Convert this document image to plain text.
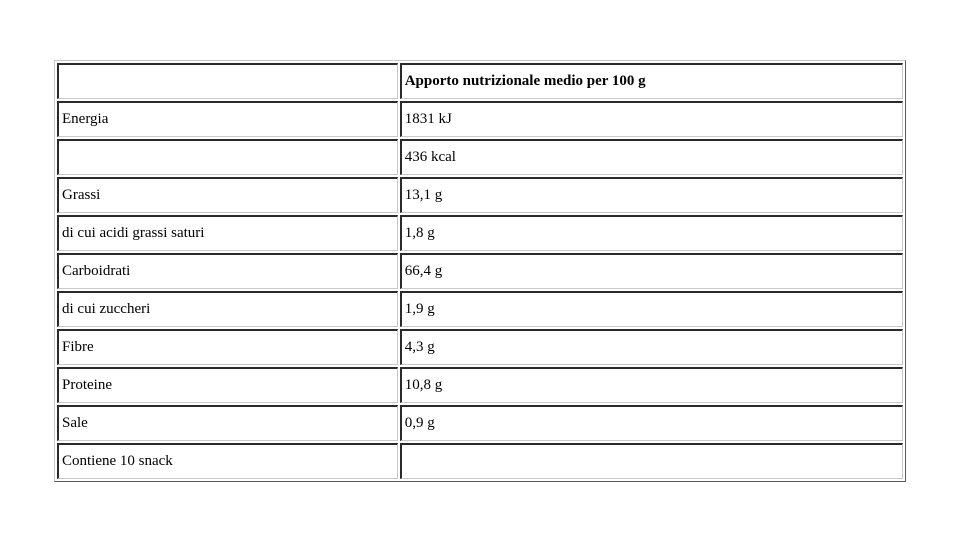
	Apporto nutrizionale medio per 100 g
Energia	1831 kJ
	436 kcal
Grassi	13,1 g
di cui acidi grassi saturi	1,8 g
Carboidrati	66,4 g
di cui zuccheri	1,9 g
Fibre	4,3 g
Proteine	10,8 g
Sale	0,9 g
Contiene 10 snack	
